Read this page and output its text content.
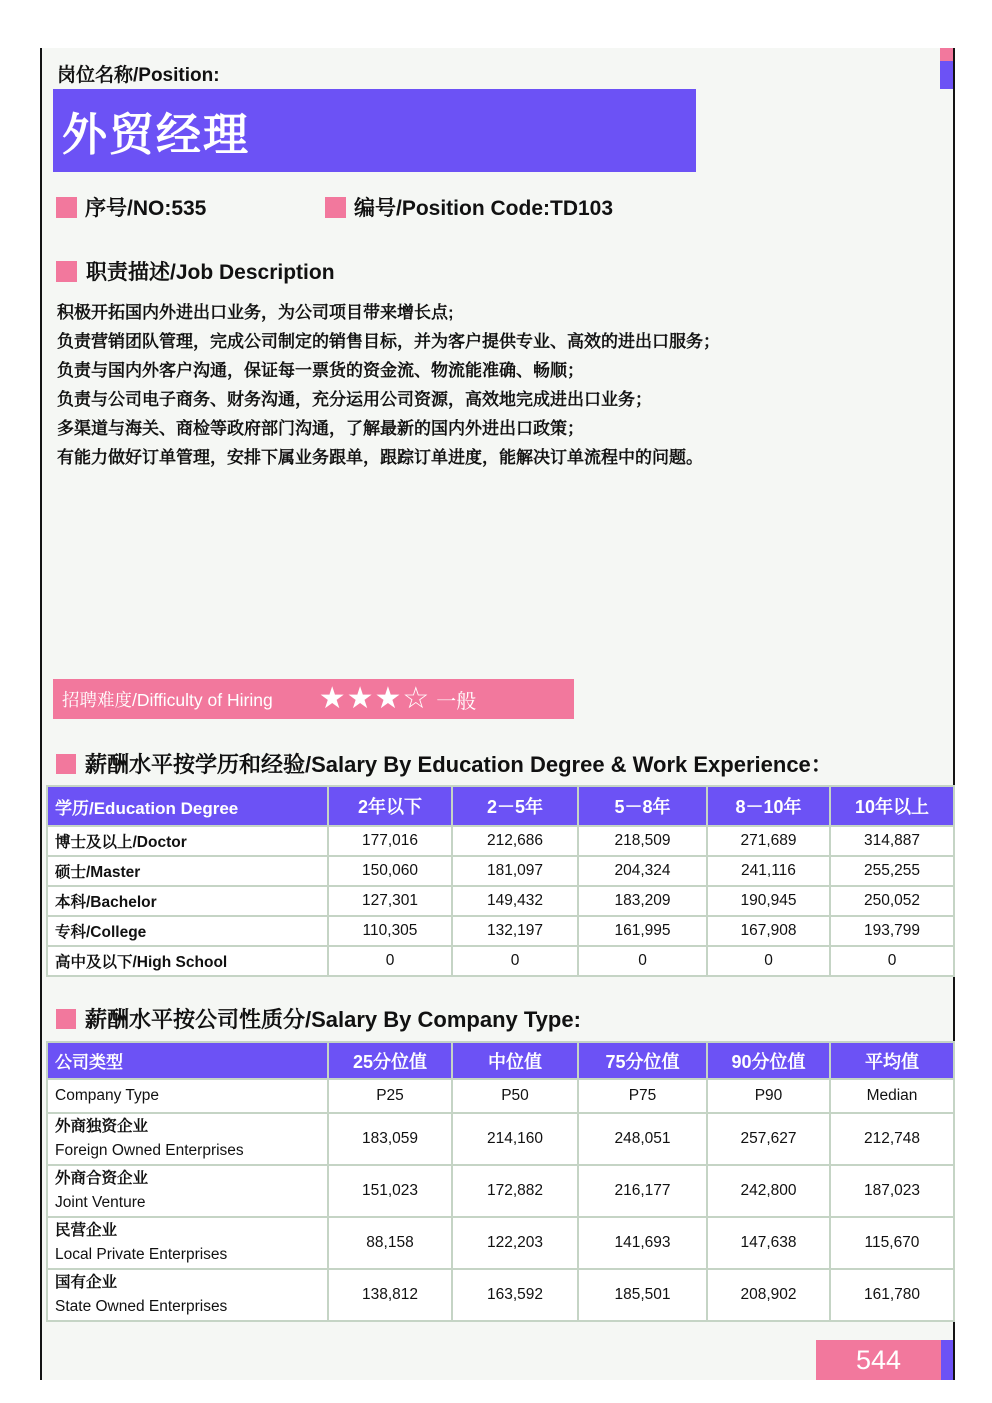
岗位名称/Position:
外贸经理
序号/NO:535	编号/Position Code:TD103
职责描述/Job Description
积极开拓国内外进出口业务，为公司项目带来增长点;
负责营销团队管理，完成公司制定的销售目标，并为客户提供专业、高效的进出口服务；
负责与国内外客户沟通，保证每一票货的资金流、物流能准确、畅顺；
负责与公司电子商务、财务沟通，充分运用公司资源，高效地完成进出口业务；
多渠道与海关、商检等政府部门沟通，了解最新的国内外进出口政策；
有能力做好订单管理，安排下属业务跟单，跟踪订单进度，能解决订单流程中的问题。
招聘难度/Difficulty of Hiring ★★★☆ 一般
薪酬水平按学历和经验/Salary By Education Degree & Work Experience：
学历/Education Degree	2年以下	2－5年	5－8年	8－10年	10年以上
博士及以上/Doctor	177,016	212,686	218,509	271,689	314,887
硕士/Master	150,060	181,097	204,324	241,116	255,255
本科/Bachelor	127,301	149,432	183,209	190,945	250,052
专科/College	110,305	132,197	161,995	167,908	193,799
高中及以下/High School	0	0	0	0	0
薪酬水平按公司性质分/Salary By Company Type:
公司类型	25分位值	中位值	75分位值	90分位值	平均值
Company Type	P25	P50	P75	P90	Median

外商独资企业
Foreign Owned Enterprises	183,059	214,160	248,051	257,627	212,748

外商合资企业
Joint Venture	151,023	172,882	216,177	242,800	187,023

民营企业
Local Private Enterprises	88,158	122,203	141,693	147,638	115,670

国有企业
State Owned Enterprises	138,812	163,592	185,501	208,902	161,780
544
